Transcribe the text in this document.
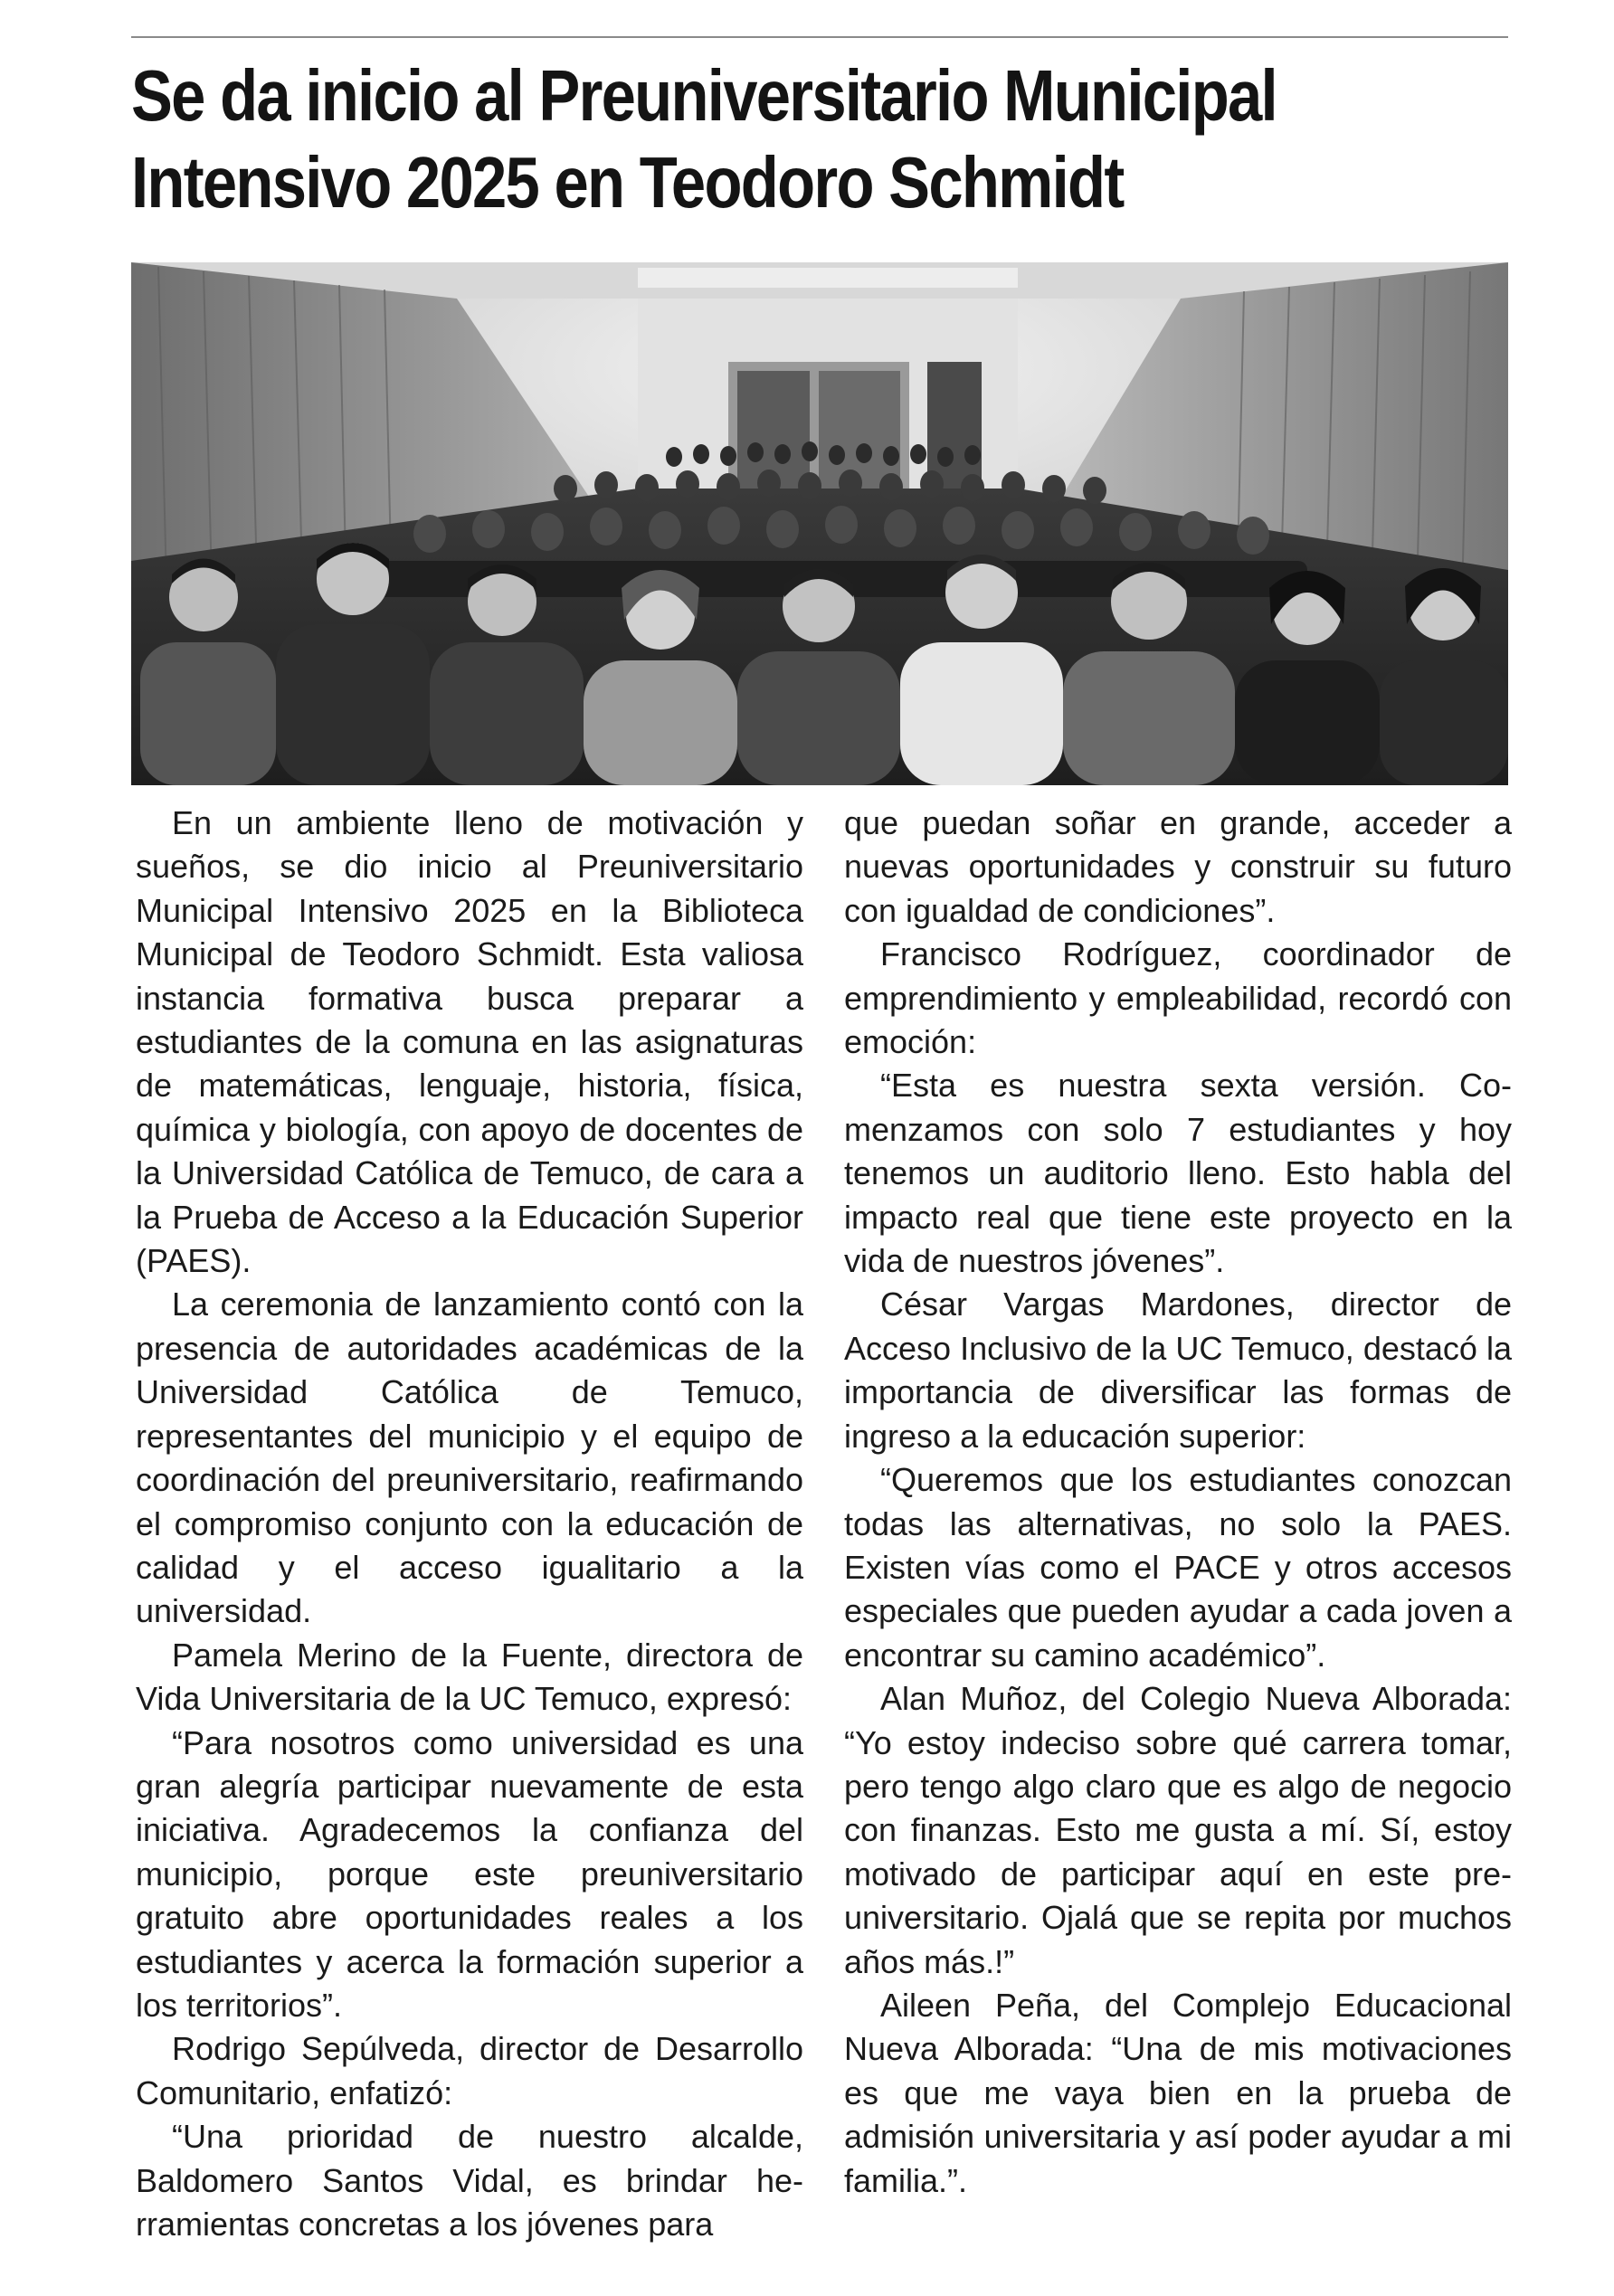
Se da inicio al Preuniversitario Municipal
Intensivo 2025 en Teodoro Schmidt

En un ambiente lleno de motivación y sueños, se dio inicio al Preuniversitario Municipal Intensivo 2025 en la Biblioteca Municipal de Teodoro Schmidt. Esta valiosa instancia formativa busca preparar a estudiantes de la comuna en las asignaturas de matemáticas, lenguaje, historia, física, química y biología, con apoyo de docentes de la Universidad Católica de Temuco, de cara a la Prueba de Acceso a la Educación Superior (PAES).

La ceremonia de lanzamiento contó con la presencia de autoridades académicas de la Universidad Católica de Temuco, representantes del municipio y el equipo de coordinación del preuniversitario, reafirmando el compromiso conjunto con la educación de calidad y el acceso igualitario a la universidad.

Pamela Merino de la Fuente, directora de Vida Universitaria de la UC Temuco, expresó:

“Para nosotros como universidad es una gran alegría participar nuevamente de esta iniciativa. Agradecemos la confianza del municipio, porque este preuniversitario gratuito abre oportunidades reales a los estudiantes y acerca la formación superior a los territorios”.

Rodrigo Sepúlveda, director de Desarrollo Comunitario, enfatizó:

“Una prioridad de nuestro alcalde, Baldomero Santos Vidal, es brindar herramientas concretas a los jóvenes para

que puedan soñar en grande, acceder a nuevas oportunidades y construir su futuro con igualdad de condiciones”.

Francisco Rodríguez, coordinador de emprendimiento y empleabilidad, recordó con emoción:

“Esta es nuestra sexta versión. Comenzamos con solo 7 estudiantes y hoy tenemos un auditorio lleno. Esto habla del impacto real que tiene este proyecto en la vida de nuestros jóvenes”.

César Vargas Mardones, director de Acceso Inclusivo de la UC Temuco, destacó la importancia de diversificar las formas de ingreso a la educación superior:

“Queremos que los estudiantes conozcan todas las alternativas, no solo la PAES. Existen vías como el PACE y otros accesos especiales que pueden ayudar a cada joven a encontrar su camino académico”.

Alan Muñoz, del Colegio Nueva Alborada: “Yo estoy indeciso sobre qué carrera tomar, pero tengo algo claro que es algo de negocio con finanzas. Esto me gusta a mí. Sí, estoy motivado de participar aquí en este pre-universitario. Ojalá que se repita por muchos años más.!”

Aileen Peña, del Complejo Educacional Nueva Alborada: “Una de mis motivaciones es que me vaya bien en la prueba de admisión universitaria y así poder ayudar a mi familia.”.
